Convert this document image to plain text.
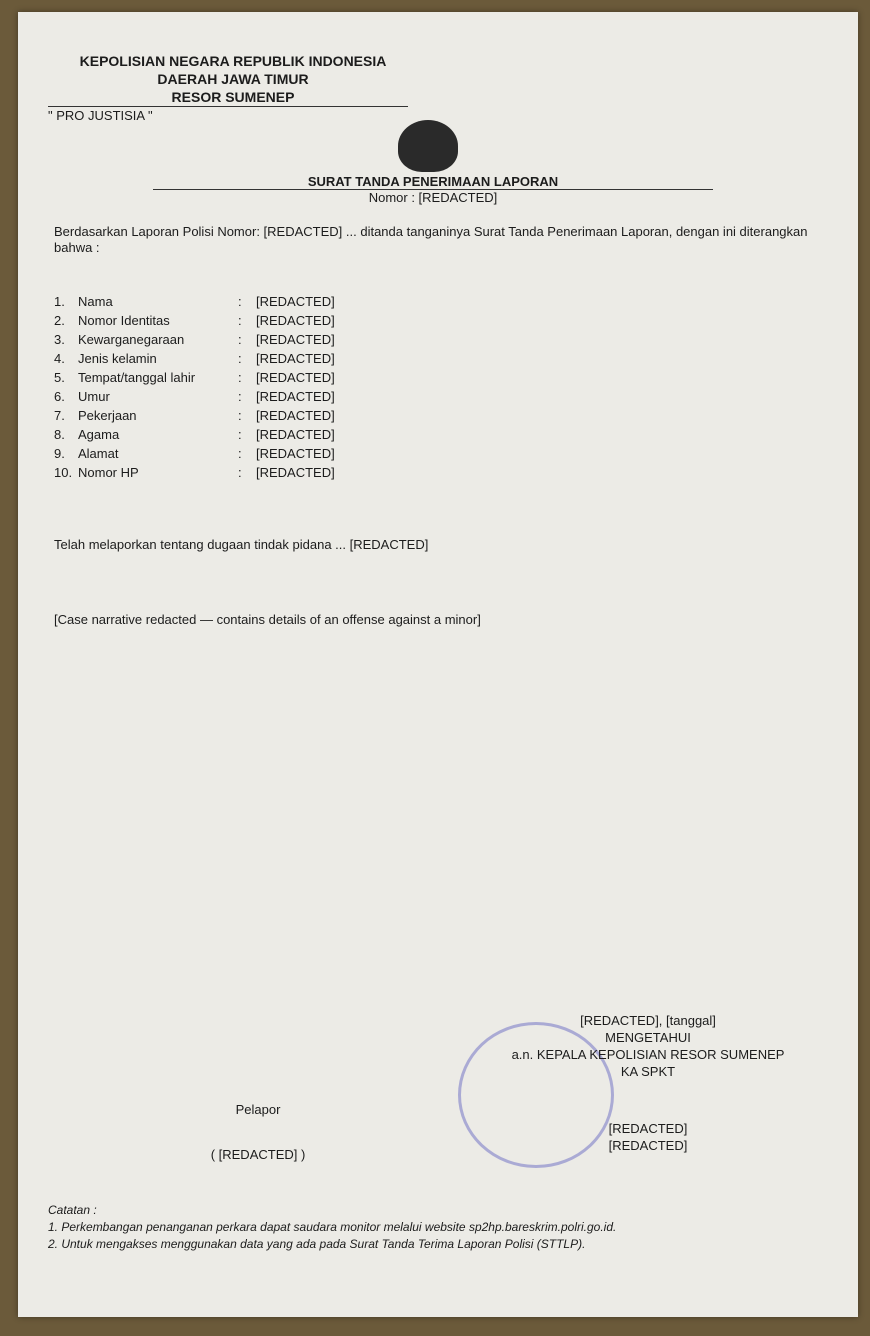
KEPOLISIAN NEGARA REPUBLIK INDONESIA
DAERAH JAWA TIMUR
RESOR SUMENEP
" PRO JUSTISIA "
SURAT TANDA PENERIMAAN LAPORAN
Nomor : [REDACTED]
Berdasarkan Laporan Polisi Nomor: [REDACTED] ... ditanda tanganinya Surat Tanda Penerimaan Laporan, dengan ini diterangkan bahwa :
1.	Nama	:	[REDACTED]
2.	Nomor Identitas	:	[REDACTED]
3.	Kewarganegaraan	:	[REDACTED]
4.	Jenis kelamin	:	[REDACTED]
5.	Tempat/tanggal lahir	:	[REDACTED]
6.	Umur	:	[REDACTED]
7.	Pekerjaan	:	[REDACTED]
8.	Agama	:	[REDACTED]
9.	Alamat	:	[REDACTED]
10. Nomor HP	:	[REDACTED]
Telah melaporkan tentang dugaan tindak pidana ... [REDACTED]
[Case narrative redacted — contains details of an offense against a minor]
[REDACTED], [tanggal]
MENGETAHUI
a.n. KEPALA KEPOLISIAN RESOR SUMENEP
KA SPKT
[REDACTED]
[REDACTED]
Pelapor
( [REDACTED] )
Catatan :
1. Perkembangan penanganan perkara dapat saudara monitor melalui website sp2hp.bareskrim.polri.go.id.
2. Untuk mengakses menggunakan data yang ada pada Surat Tanda Terima Laporan Polisi (STTLP).
